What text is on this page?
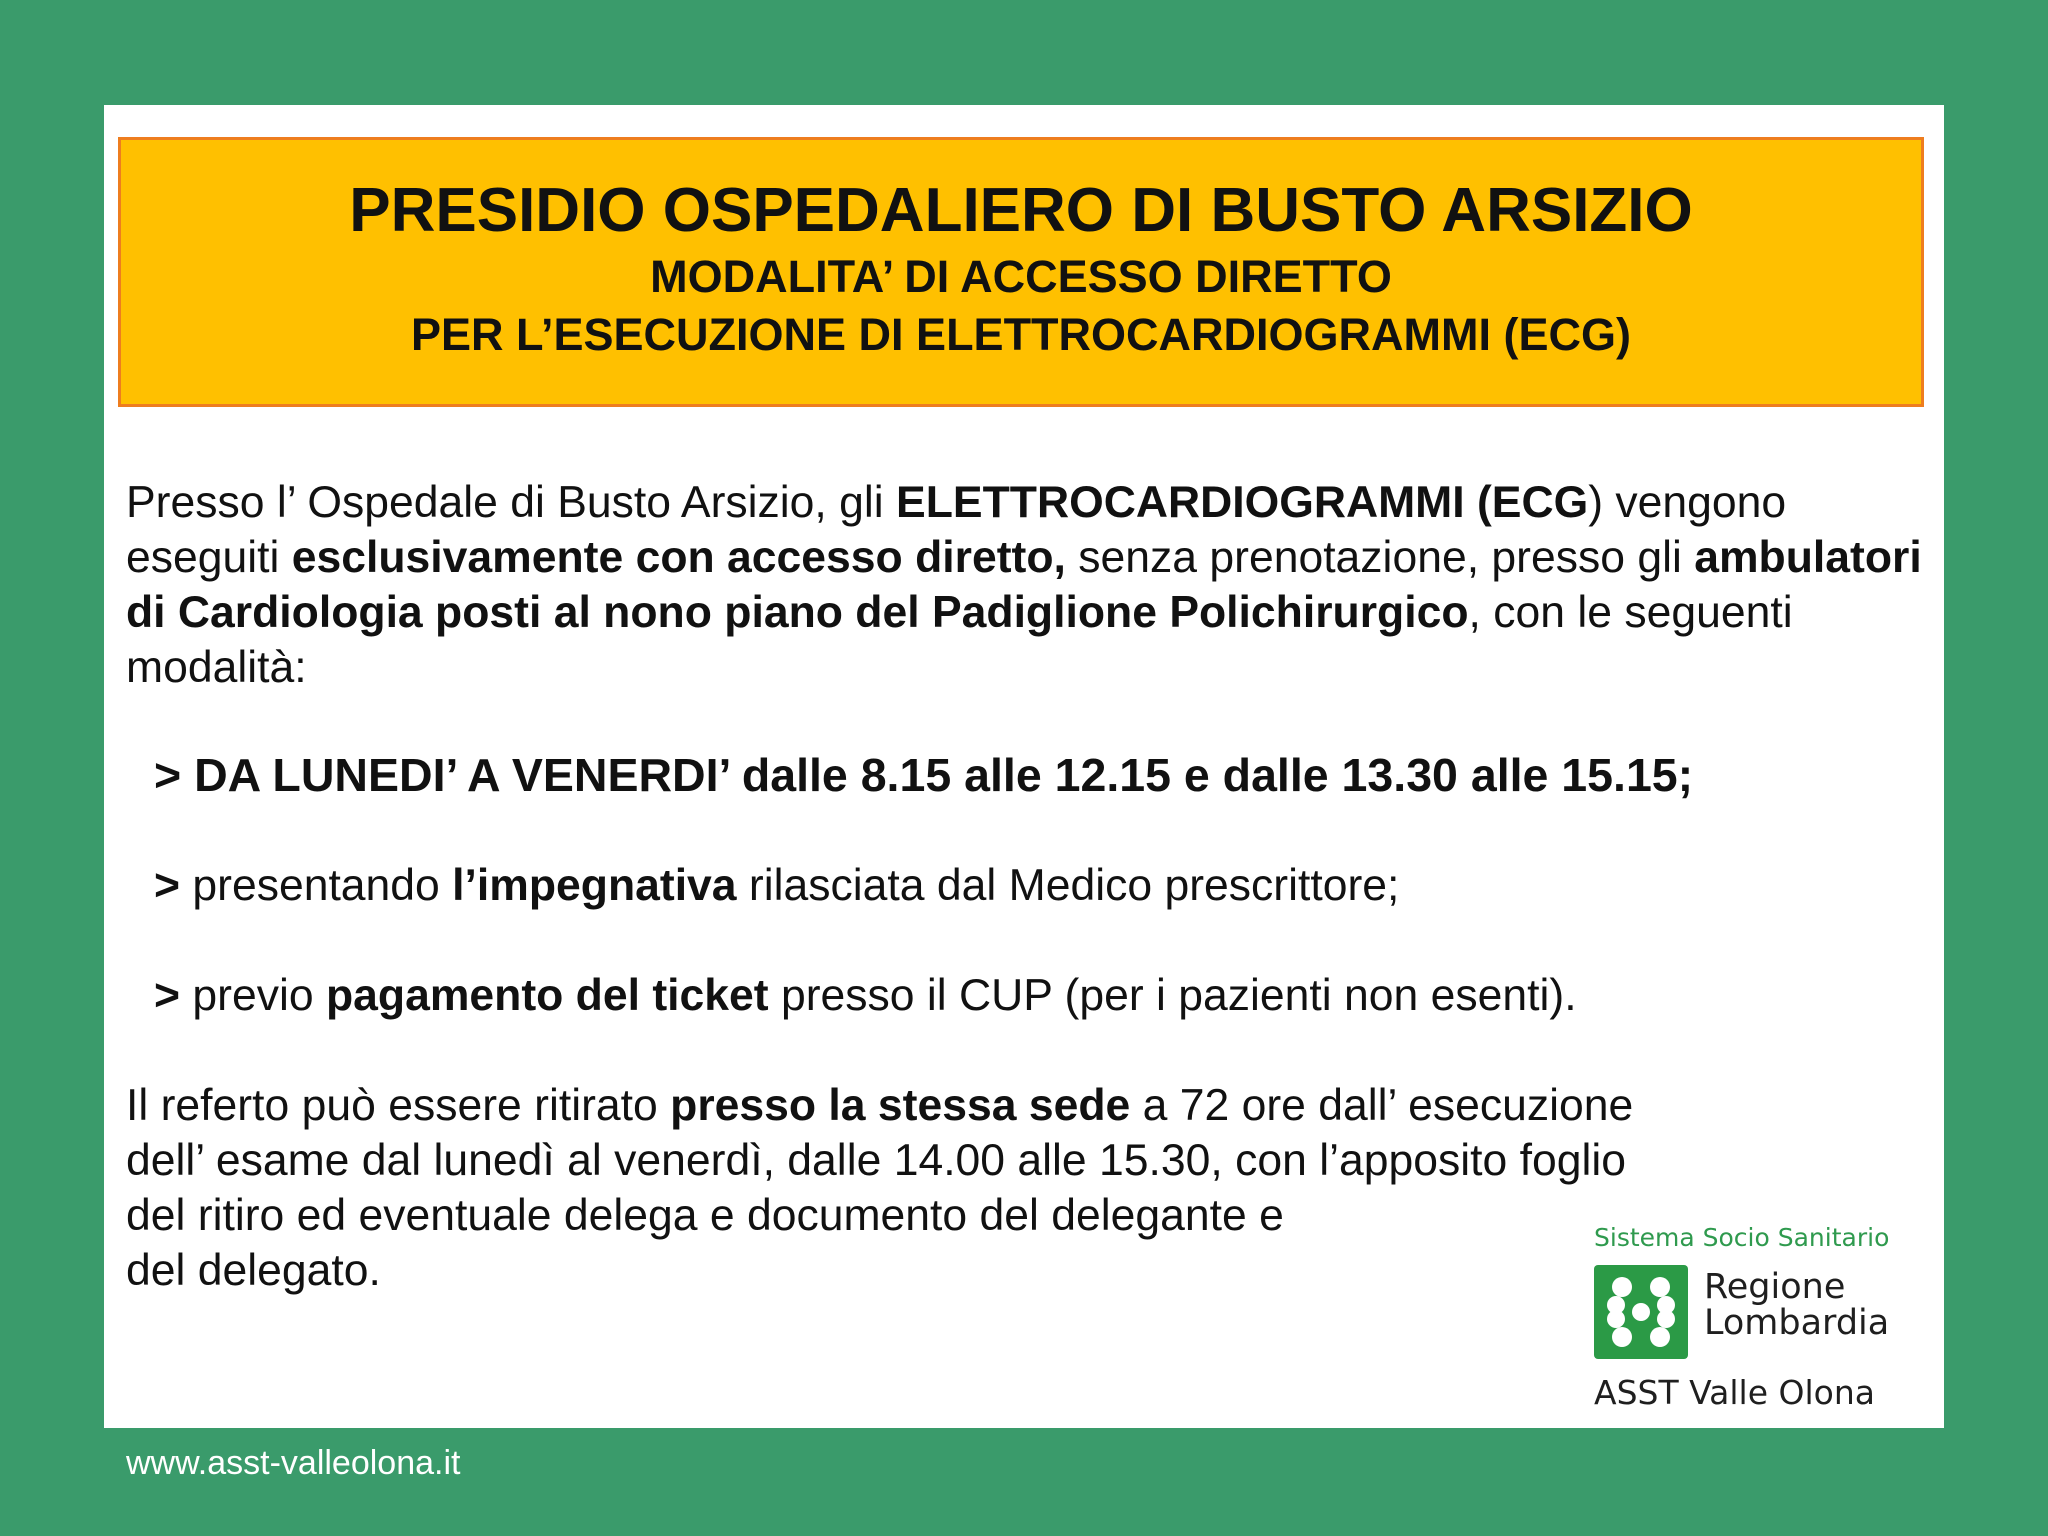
PRESIDIO OSPEDALIERO DI BUSTO ARSIZIO
MODALITA’ DI ACCESSO DIRETTO
PER L’ESECUZIONE DI ELETTROCARDIOGRAMMI (ECG)

Presso l’ Ospedale di Busto Arsizio, gli ELETTROCARDIOGRAMMI (ECG) vengono eseguiti esclusivamente con accesso diretto, senza prenotazione, presso gli ambulatori di Cardiologia posti al nono piano del Padiglione Polichirurgico, con le seguenti modalità:

> DA LUNEDI’ A VENERDI’ dalle 8.15 alle 12.15 e dalle 13.30 alle 15.15;

> presentando l’impegnativa rilasciata dal Medico prescrittore;

> previo pagamento del ticket presso il CUP (per i pazienti non esenti).

Il referto può essere ritirato presso la stessa sede a 72 ore dall’ esecuzione

dell’ esame dal lunedì al venerdì, dalle 14.00 alle 15.30, con l’apposito foglio

del ritiro ed eventuale delega e documento del delegante e

del delegato.

Sistema Socio Sanitario
Regione
Lombardia
ASST Valle Olona
www.asst-valleolona.it
